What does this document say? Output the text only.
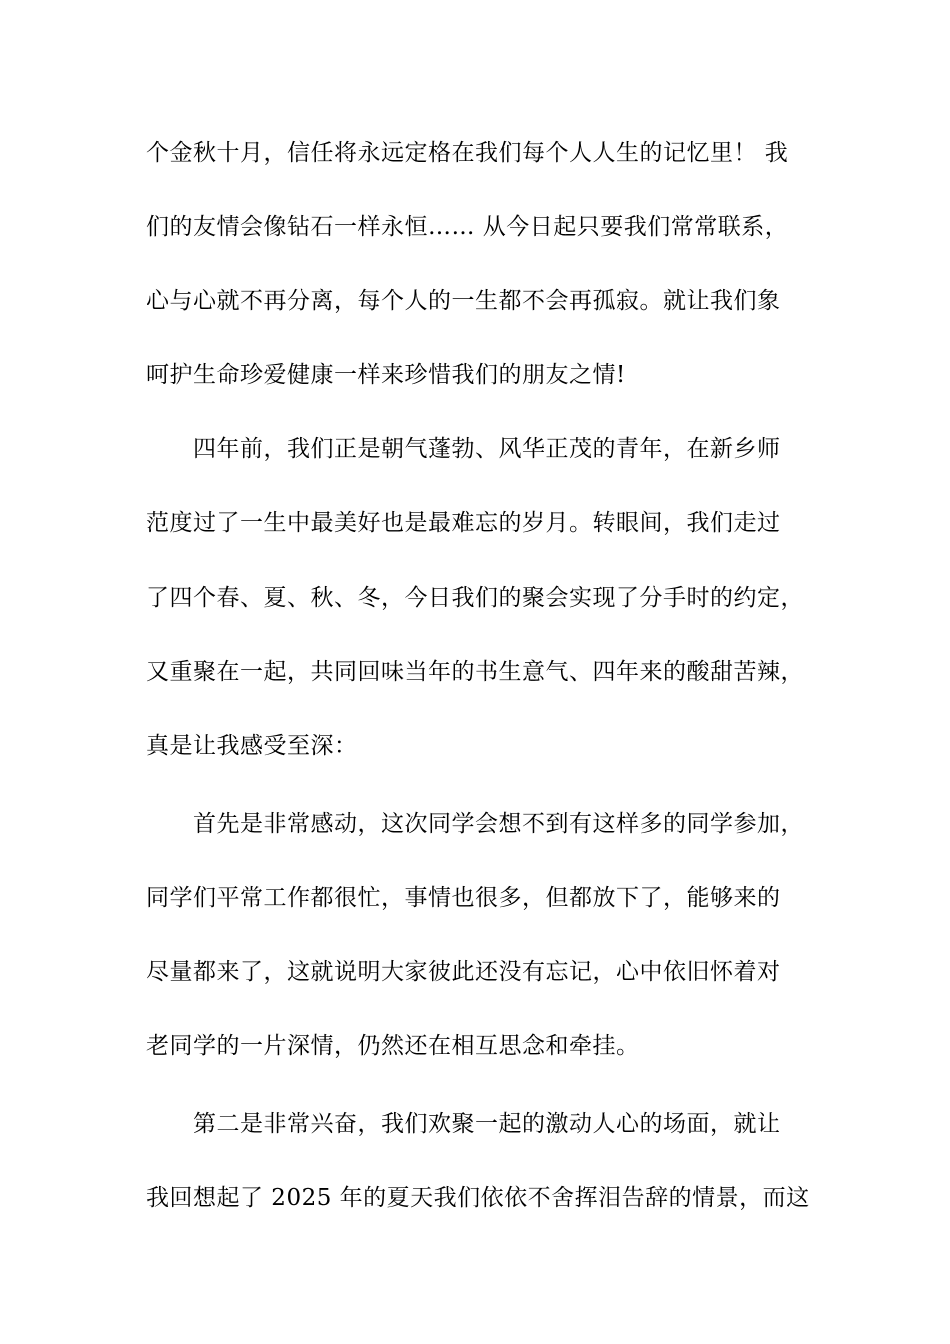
个金秋十月，信任将永远定格在我们每个人人生的记忆里！ 我
们的友情会像钻石一样永恒…… 从今日起只要我们常常联系，
心与心就不再分离，每个人的一生都不会再孤寂。就让我们象
呵护生命珍爱健康一样来珍惜我们的朋友之情!
四年前，我们正是朝气蓬勃、风华正茂的青年，在新乡师
范度过了一生中最美好也是最难忘的岁月。转眼间，我们走过
了四个春、夏、秋、冬，今日我们的聚会实现了分手时的约定，
又重聚在一起，共同回味当年的书生意气、四年来的酸甜苦辣，
真是让我感受至深：
首先是非常感动，这次同学会想不到有这样多的同学参加，
同学们平常工作都很忙，事情也很多，但都放下了，能够来的
尽量都来了，这就说明大家彼此还没有忘记，心中依旧怀着对
老同学的一片深情，仍然还在相互思念和牵挂。
第二是非常兴奋，我们欢聚一起的激动人心的场面，就让
我回想起了 2025 年的夏天我们依依不舍挥泪告辞的情景，而这
